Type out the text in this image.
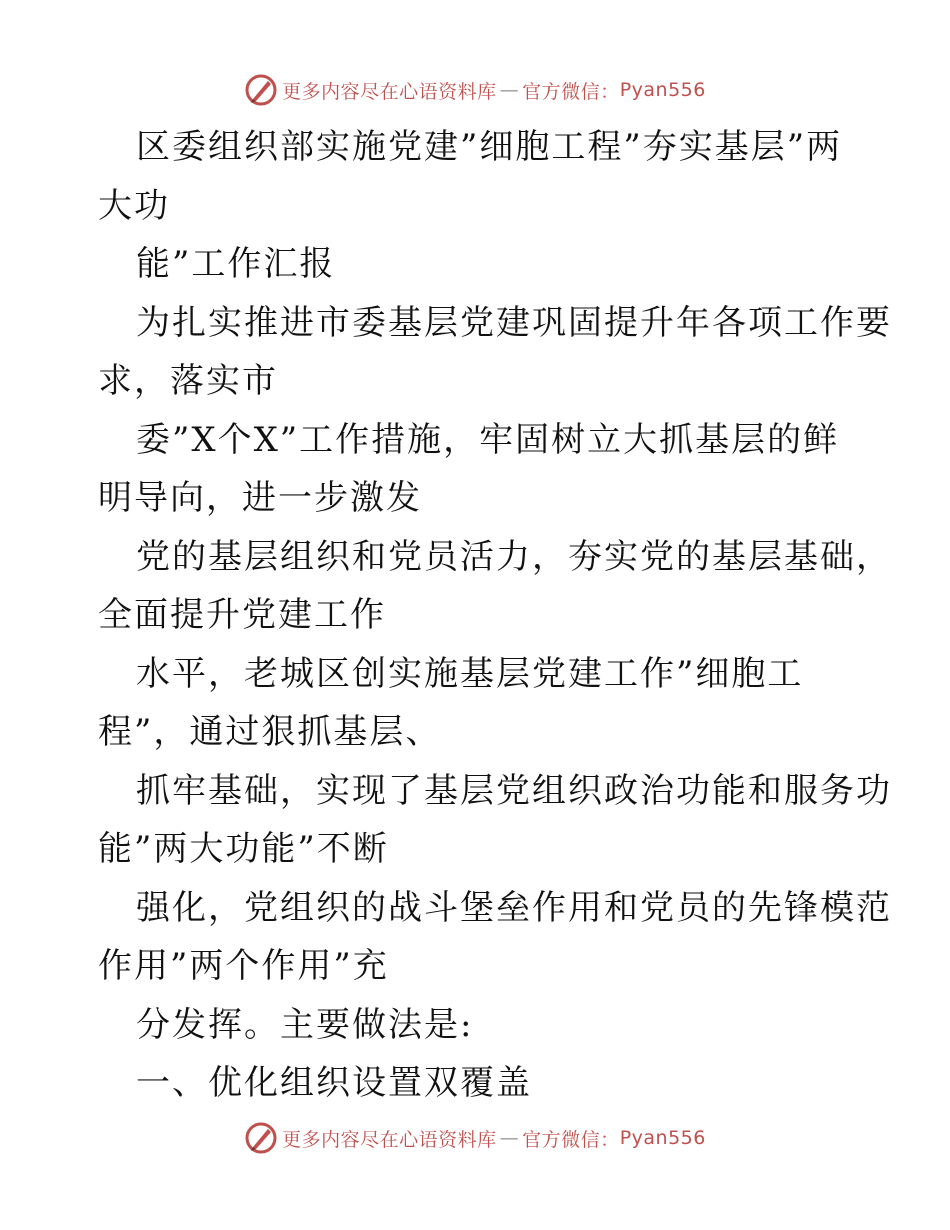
更多内容尽在心语资料库 — 官方微信： Pyan556
区委组织部实施党建”细胞工程”夯实基层”两
大功
能”工作汇报
为扎实推进市委基层党建巩固提升年各项工作要
求，落实市
委”X个X”工作措施，牢固树立大抓基层的鲜
明导向，进一步激发
党的基层组织和党员活力，夯实党的基层基础，
全面提升党建工作
水平，老城区创实施基层党建工作”细胞工
程”，通过狠抓基层、
抓牢基础，实现了基层党组织政治功能和服务功
能”两大功能”不断
强化，党组织的战斗堡垒作用和党员的先锋模范
作用”两个作用”充
分发挥。主要做法是:
一、优化组织设置双覆盖
更多内容尽在心语资料库 — 官方微信： Pyan556
